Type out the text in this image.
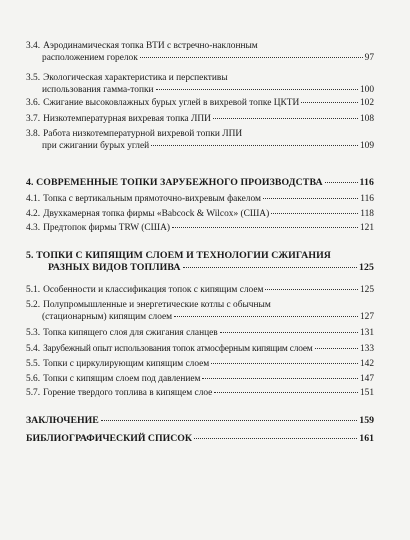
3.4. Аэродинамическая топка ВТИ с встречно-наклонным
расположением горелок	97
3.5. Экологическая характеристика и перспективы
использования гамма-топки	100
3.6. Сжигание высоковлажных бурых углей в вихревой топке ЦКТИ	102
3.7. Низкотемпературная вихревая топка ЛПИ	108
3.8. Работа низкотемпературной вихревой топки ЛПИ
при сжигании бурых углей	109
4. СОВРЕМЕННЫЕ ТОПКИ ЗАРУБЕЖНОГО ПРОИЗВОДСТВА	116
4.1. Топка с вертикальным прямоточно-вихревым факелом	116
4.2. Двухкамерная топка фирмы «Babcock & Wilcox» (США)	118
4.3. Предтопок фирмы TRW (США)	121
5. ТОПКИ С КИПЯЩИМ СЛОЕМ И ТЕХНОЛОГИИ СЖИГАНИЯ
РАЗНЫХ ВИДОВ ТОПЛИВА	125
5.1. Особенности и классификация топок с кипящим слоем	125
5.2. Полупромышленные и энергетические котлы с обычным
(стационарным) кипящим слоем	127
5.3. Топка кипящего слоя для сжигания сланцев	131
5.4. Зарубежный опыт использования топок атмосферным кипящим слоем	133
5.5. Топки с циркулирующим кипящим слоем	142
5.6. Топки с кипящим слоем под давлением	147
5.7. Горение твердого топлива в кипящем слое	151
ЗАКЛЮЧЕНИЕ	159
БИБЛИОГРАФИЧЕСКИЙ СПИСОК	161
